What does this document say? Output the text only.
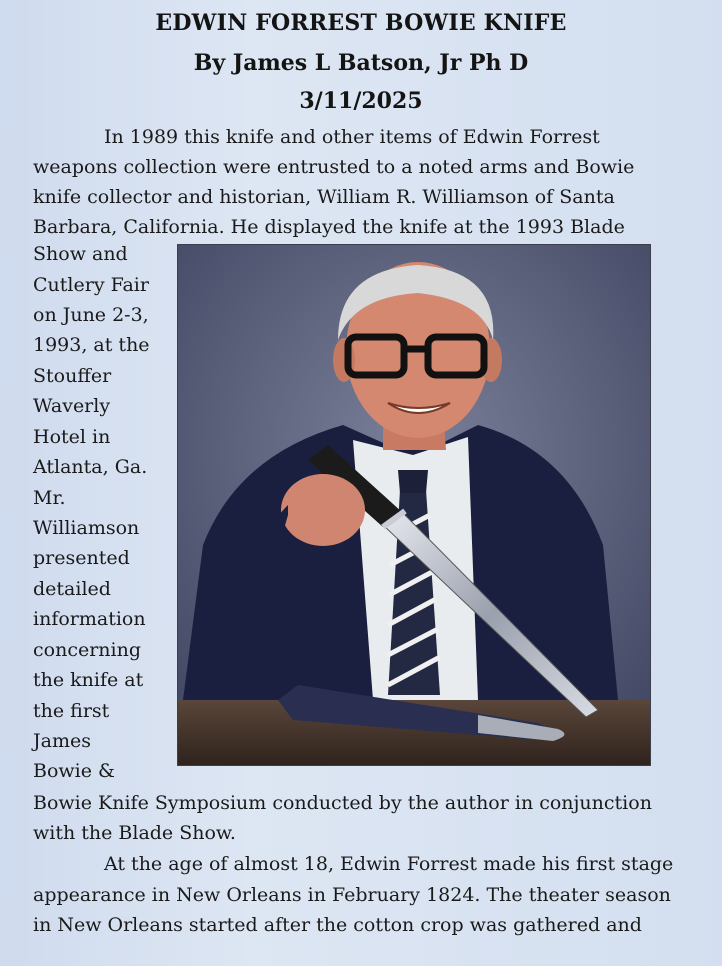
EDWIN FORREST BOWIE KNIFE
By James L Batson, Jr Ph D
3/11/2025
In 1989 this knife and other items of Edwin Forrest
weapons collection were entrusted to a noted arms and Bowie
knife collector and historian, William R. Williamson of Santa
Barbara, California. He displayed the knife at the 1993 Blade
Show and
Cutlery Fair
on June 2-3,
1993, at the
Stouffer
Waverly
Hotel in
Atlanta, Ga.
Mr.
Williamson
presented
detailed
information
concerning
the knife at
the first
James
Bowie &
Bowie Knife Symposium conducted by the author in conjunction
with the Blade Show.
At the age of almost 18, Edwin Forrest made his first stage
appearance in New Orleans in February 1824. The theater season
in New Orleans started after the cotton crop was gathered and
